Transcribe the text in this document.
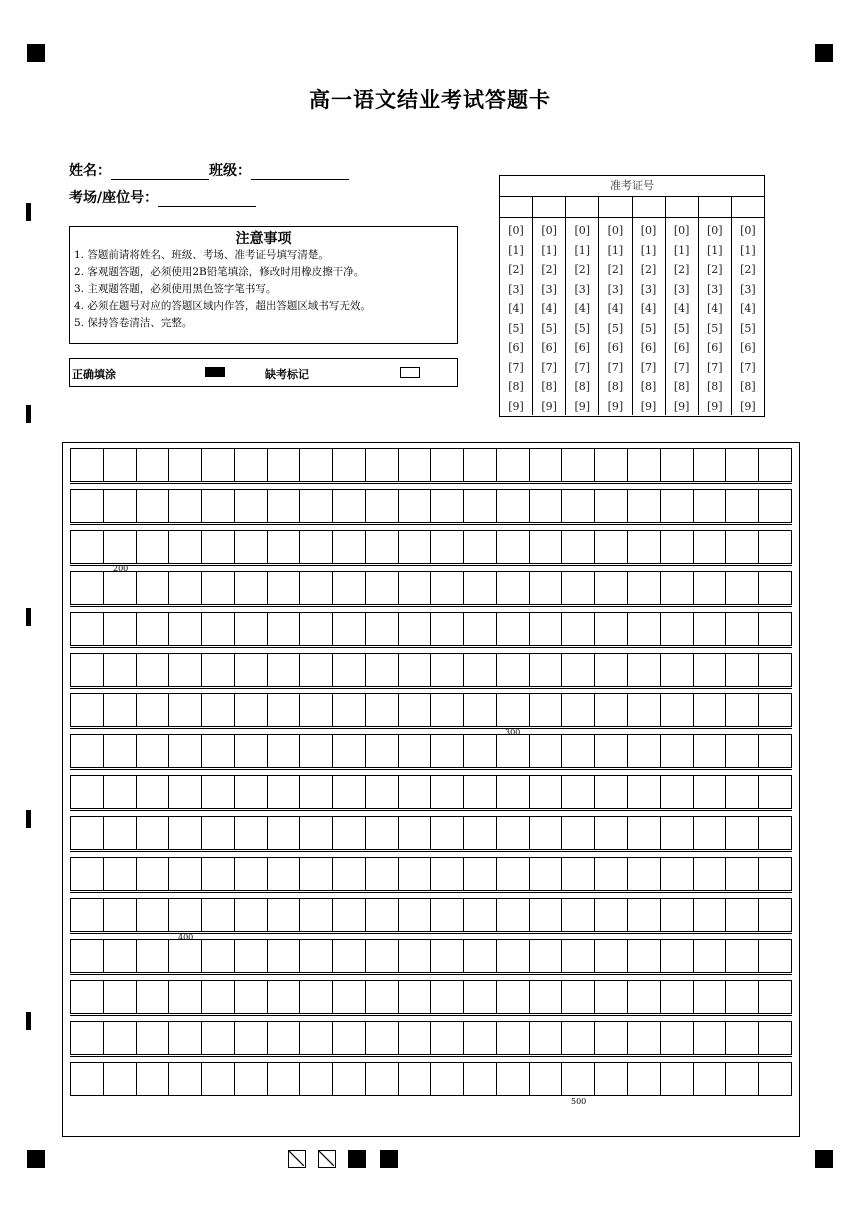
高一语文结业考试答题卡
姓名：	班级：
考场/座位号：
注意事项
1. 答题前请将姓名、班级、考场、准考证号填写清楚。
2. 客观题答题，必须使用2B铅笔填涂，修改时用橡皮擦干净。
3. 主观题答题，必须使用黑色签字笔书写。
4. 必须在题号对应的答题区域内作答，超出答题区域书写无效。
5. 保持答卷清洁、完整。
正确填涂	缺考标记
准考证号
[0]
[1]
[2]
[3]
[4]
[5]
[6]
[7]
[8]
[9]
[0]
[1]
[2]
[3]
[4]
[5]
[6]
[7]
[8]
[9]
[0]
[1]
[2]
[3]
[4]
[5]
[6]
[7]
[8]
[9]
[0]
[1]
[2]
[3]
[4]
[5]
[6]
[7]
[8]
[9]
[0]
[1]
[2]
[3]
[4]
[5]
[6]
[7]
[8]
[9]
[0]
[1]
[2]
[3]
[4]
[5]
[6]
[7]
[8]
[9]
[0]
[1]
[2]
[3]
[4]
[5]
[6]
[7]
[8]
[9]
[0]
[1]
[2]
[3]
[4]
[5]
[6]
[7]
[8]
[9]
200
300
400
500
